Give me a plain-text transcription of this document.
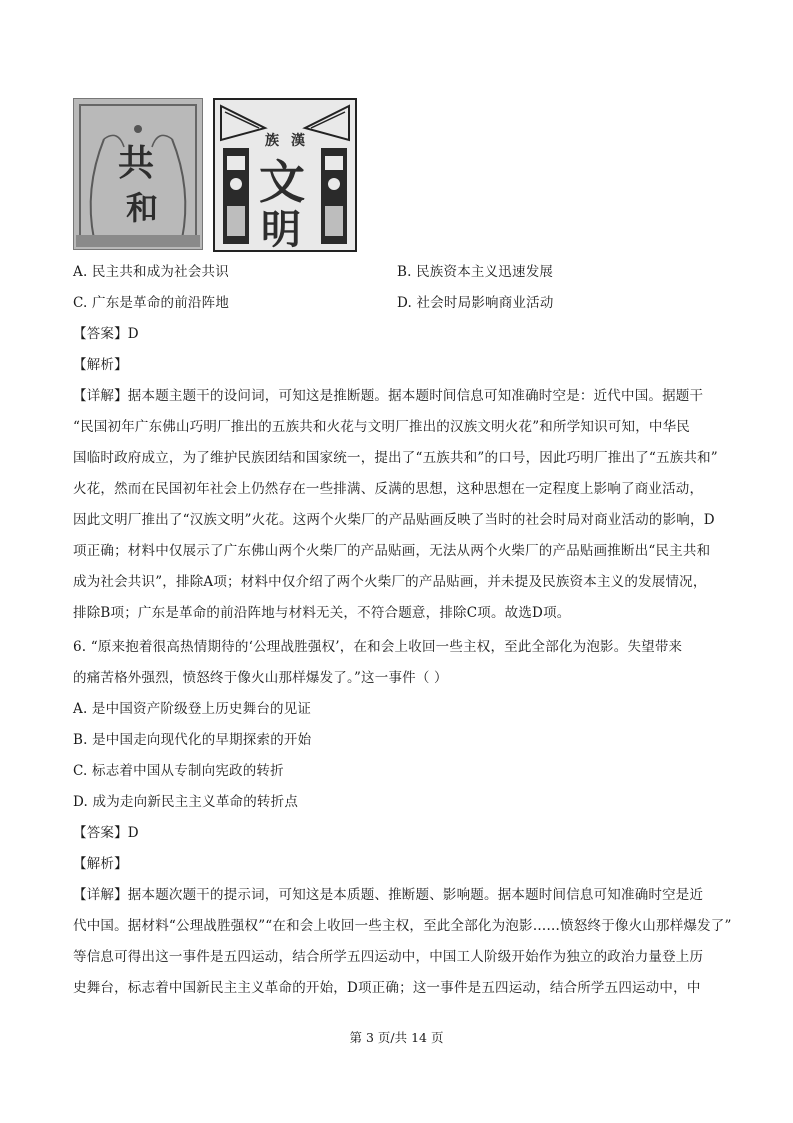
共
和
族 漢
文
明
A. 民主共和成为社会共识	B. 民族资本主义迅速发展
C. 广东是革命的前沿阵地	D. 社会时局影响商业活动
【答案】D
【解析】
【详解】据本题主题干的设问词，可知这是推断题。据本题时间信息可知准确时空是：近代中国。据题干
“民国初年广东佛山巧明厂推出的五族共和火花与文明厂推出的汉族文明火花”和所学知识可知，中华民
国临时政府成立，为了维护民族团结和国家统一，提出了“五族共和”的口号，因此巧明厂推出了“五族共和”
火花，然而在民国初年社会上仍然存在一些排满、反满的思想，这种思想在一定程度上影响了商业活动，
因此文明厂推出了“汉族文明”火花。这两个火柴厂的产品贴画反映了当时的社会时局对商业活动的影响，D
项正确；材料中仅展示了广东佛山两个火柴厂的产品贴画，无法从两个火柴厂的产品贴画推断出“民主共和
成为社会共识”，排除A项；材料中仅介绍了两个火柴厂的产品贴画，并未提及民族资本主义的发展情况，
排除B项；广东是革命的前沿阵地与材料无关，不符合题意，排除C项。故选D项。
6. “原来抱着很高热情期待的‘公理战胜强权’，在和会上收回一些主权，至此全部化为泡影。失望带来
的痛苦格外强烈，愤怒终于像火山那样爆发了。”这一事件（ ）
A. 是中国资产阶级登上历史舞台的见证
B. 是中国走向现代化的早期探索的开始
C. 标志着中国从专制向宪政的转折
D. 成为走向新民主主义革命的转折点
【答案】D
【解析】
【详解】据本题次题干的提示词，可知这是本质题、推断题、影响题。据本题时间信息可知准确时空是近
代中国。据材料“公理战胜强权”“在和会上收回一些主权，至此全部化为泡影……愤怒终于像火山那样爆发了”
等信息可得出这一事件是五四运动，结合所学五四运动中，中国工人阶级开始作为独立的政治力量登上历
史舞台，标志着中国新民主主义革命的开始，D项正确；这一事件是五四运动，结合所学五四运动中，中
第 3 页/共 14 页
